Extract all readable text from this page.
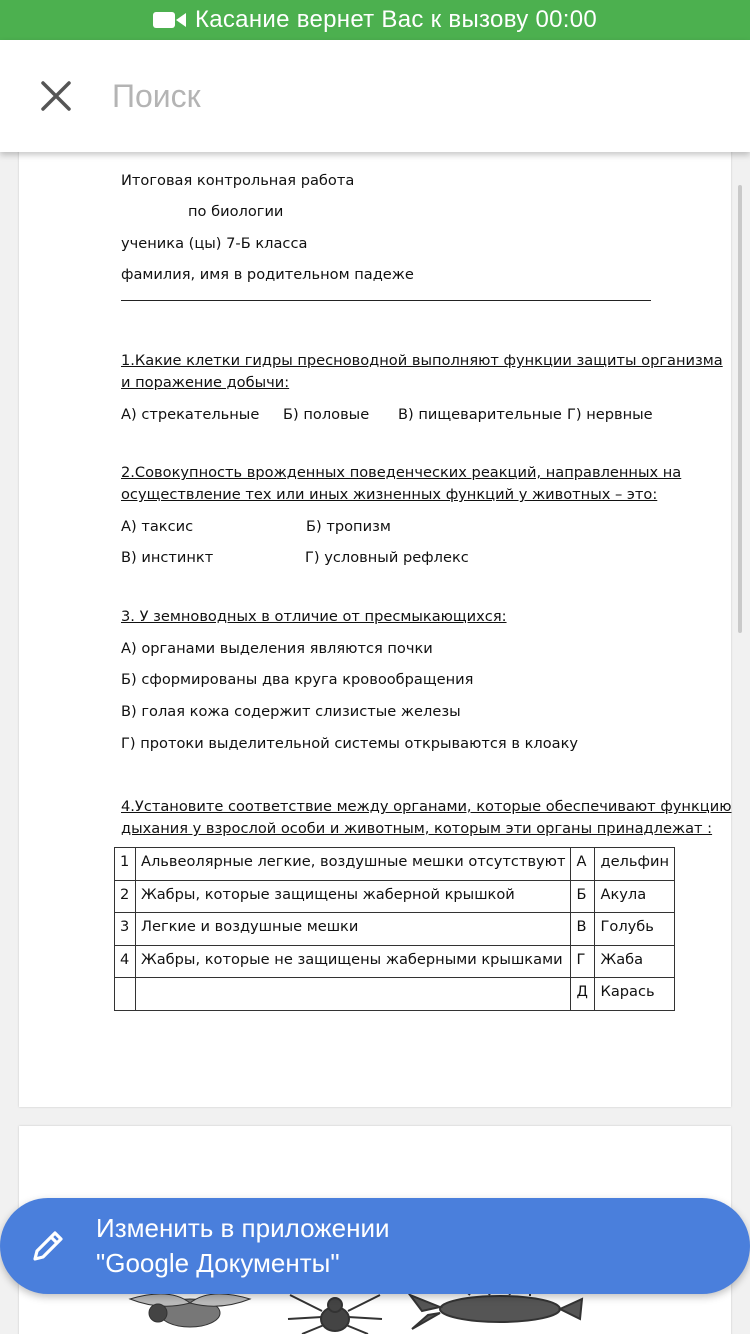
Касание вернет Вас к вызову 00:00
Поиск
Итоговая контрольная работа
по биологии
ученика (цы) 7-Б класса
фамилия, имя в родительном падеже
1.Какие клетки гидры пресноводной выполняют функции защиты организма
и поражение добычи:
А) стрекательные Б) половые В) пищеварительные Г) нервные
2.Совокупность врожденных поведенческих реакций, направленных на
осуществление тех или иных жизненных функций у животных – это:
А) таксис	Б) тропизм
В) инстинкт	Г) условный рефлекс
3. У земноводных в отличие от пресмыкающихся:
А) органами выделения являются почки
Б) сформированы два круга кровообращения
В) голая кожа содержит слизистые железы
Г) протоки выделительной системы открываются в клоаку
4.Установите соответствие между органами, которые обеспечивают функцию
дыхания у взрослой особи и животным, которым эти органы принадлежат :
1	Альвеолярные легкие, воздушные мешки отсутствуют	А	дельфин
2	Жабры, которые защищены жаберной крышкой	Б	Акула
3	Легкие и воздушные мешки	В	Голубь
4	Жабры, которые не защищены жаберными крышками	Г	Жаба
		Д	Карась
Изменить в приложении
"Google Документы"
